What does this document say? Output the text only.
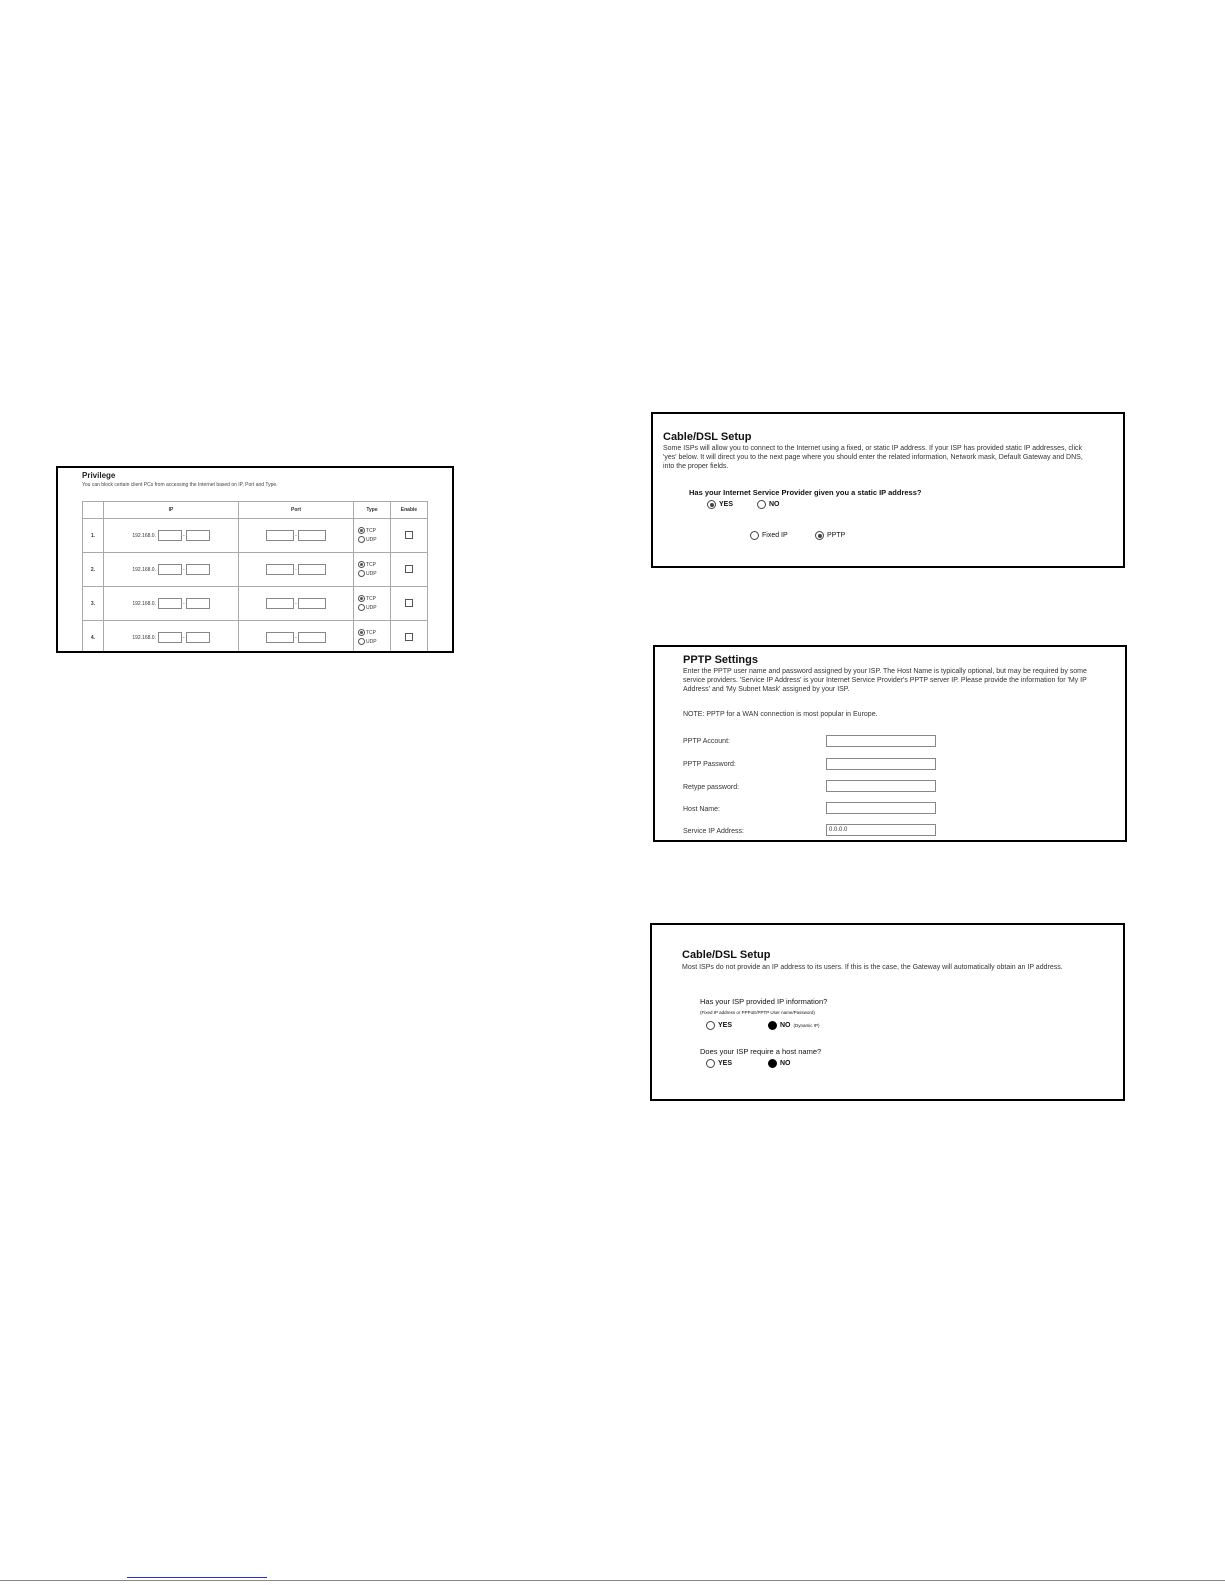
Privilege
You can block certain client PCs from accessing the Internet based on IP, Port and Type.
	IP	Port	Type	Enable
1.	192.168.0. -	-	TCP
UDP	

2.	192.168.0. -	-	TCP
UDP	

3.	192.168.0. -	-	TCP
UDP	

4.	192.168.0. -	-	TCP
UDP	

Cable/DSL Setup
Some ISPs will allow you to connect to the Internet using a fixed, or static IP address. If your ISP has provided static IP addresses, click 'yes' below. It will direct you to the next page where you should enter the related information, Network mask, Default Gateway and DNS, into the proper fields.
Has your Internet Service Provider given you a static IP address?
YES	NO
Fixed IP	PPTP
PPTP Settings
Enter the PPTP user name and password assigned by your ISP. The Host Name is typically optional, but may be required by some service providers. 'Service IP Address' is your Internet Service Provider's PPTP server IP. Please provide the information for 'My IP Address' and 'My Subnet Mask' assigned by your ISP.
NOTE: PPTP for a WAN connection is most popular in Europe.
PPTP Account:
PPTP Password:
Retype password:
Host Name:
Service IP Address:	0.0.0.0
Cable/DSL Setup
Most ISPs do not provide an IP address to its users. If this is the case, the Gateway will automatically obtain an IP address.
Has your ISP provided IP information?
(Fixed IP address or PPPoE/PPTP User name/Password)
YES	NO (Dynamic IP)
Does your ISP require a host name?
YES	NO
